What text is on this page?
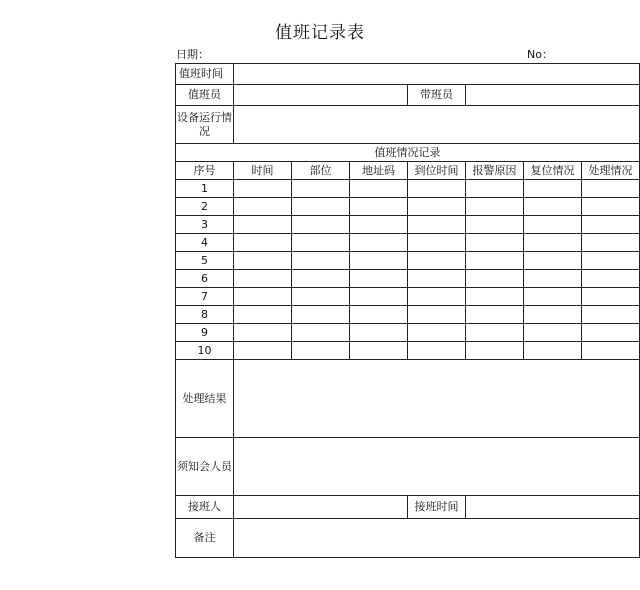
值班记录表
日期：	No：
值班时间							
值班员				带班员			
设备运行情况							
值班情况记录							
序号	时间	部位	地址码	到位时间	报警原因	复位情况	处理情况
1							
2							
3							
4							
5							
6							
7							
8							
9							
10							
处理结果							
须知会人员							
接班人				接班时间			
备注							
